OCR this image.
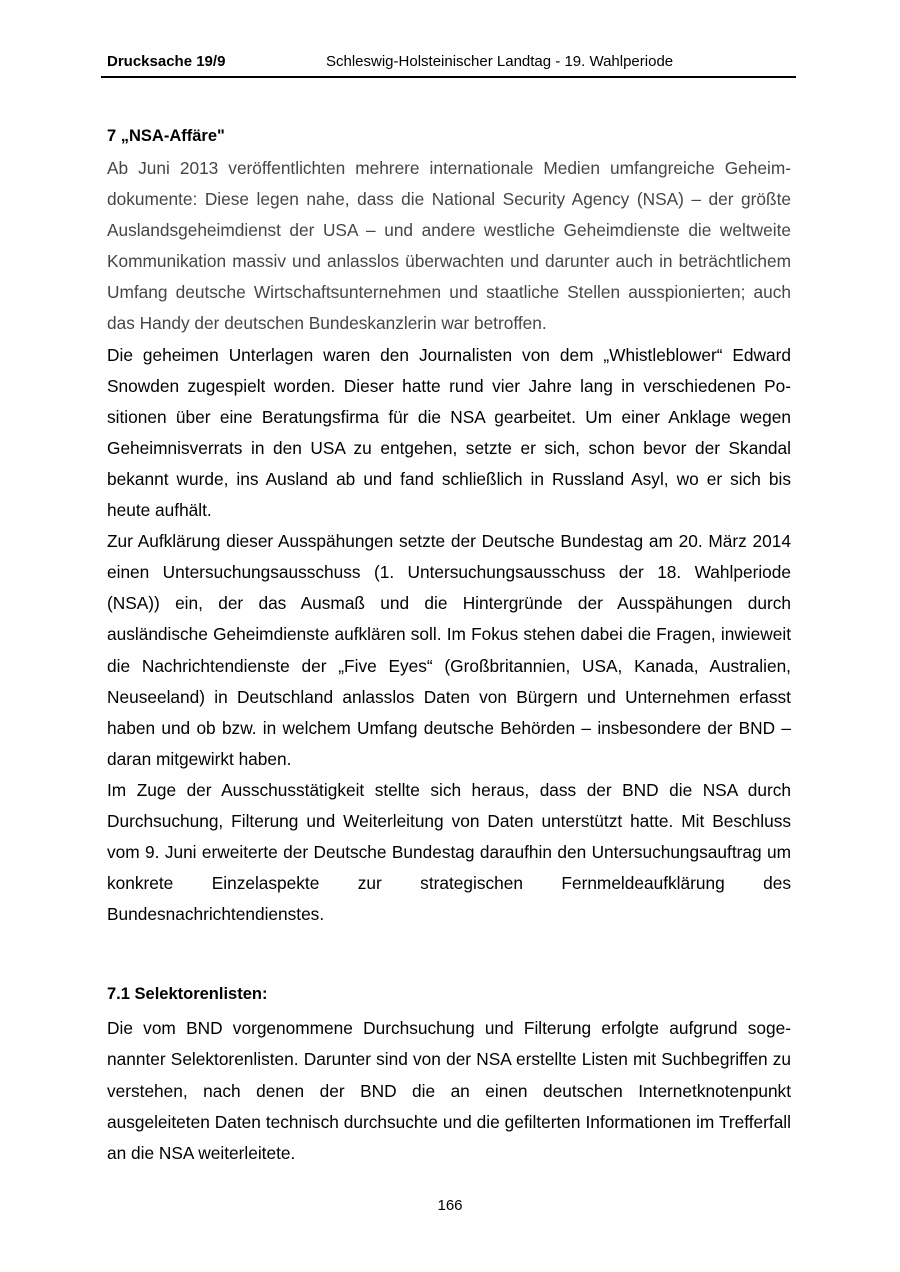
Drucksache 19/9	Schleswig-Holsteinischer Landtag - 19. Wahlperiode
7 „NSA-Affäre"

Ab Juni 2013 veröffentlichten mehrere internationale Medien umfangreiche Geheimdokumente: Diese legen nahe, dass die National Security Agency (NSA) – der größte Auslandsgeheimdienst der USA – und andere westliche Geheimdienste die weltweite Kommunikation massiv und anlasslos überwachten und darunter auch in beträchtlichem Umfang deutsche Wirtschaftsunternehmen und staatliche Stellen ausspionierten; auch das Handy der deutschen Bundeskanzlerin war betroffen.

Die geheimen Unterlagen waren den Journalisten von dem „Whistleblower“ Edward Snowden zugespielt worden. Dieser hatte rund vier Jahre lang in verschiedenen Positionen über eine Beratungsfirma für die NSA gearbeitet. Um einer Anklage wegen Geheimnisverrats in den USA zu entgehen, setzte er sich, schon bevor der Skandal bekannt wurde, ins Ausland ab und fand schließlich in Russland Asyl, wo er sich bis heute aufhält.

Zur Aufklärung dieser Ausspähungen setzte der Deutsche Bundestag am 20. März 2014 einen Untersuchungsausschuss (1. Untersuchungsausschuss der 18. Wahlperiode (NSA)) ein, der das Ausmaß und die Hintergründe der Ausspähungen durch ausländische Geheimdienste aufklären soll. Im Fokus stehen dabei die Fragen, inwieweit die Nachrichtendienste der „Five Eyes“ (Großbritannien, USA, Kanada, Australien, Neuseeland) in Deutschland anlasslos Daten von Bürgern und Unternehmen erfasst haben und ob bzw. in welchem Umfang deutsche Behörden – insbesondere der BND – daran mitgewirkt haben.

Im Zuge der Ausschusstätigkeit stellte sich heraus, dass der BND die NSA durch Durchsuchung, Filterung und Weiterleitung von Daten unterstützt hatte. Mit Beschluss vom 9. Juni erweiterte der Deutsche Bundestag daraufhin den Untersuchungsauftrag um konkrete Einzelaspekte zur strategischen Fernmeldeaufklärung des Bundesnachrichtendienstes.

7.1 Selektorenlisten:

Die vom BND vorgenommene Durchsuchung und Filterung erfolgte aufgrund sogenannter Selektorenlisten. Darunter sind von der NSA erstellte Listen mit Suchbegriffen zu verstehen, nach denen der BND die an einen deutschen Internetknotenpunkt ausgeleiteten Daten technisch durchsuchte und die gefilterten Informationen im Trefferfall an die NSA weiterleitete.

166
